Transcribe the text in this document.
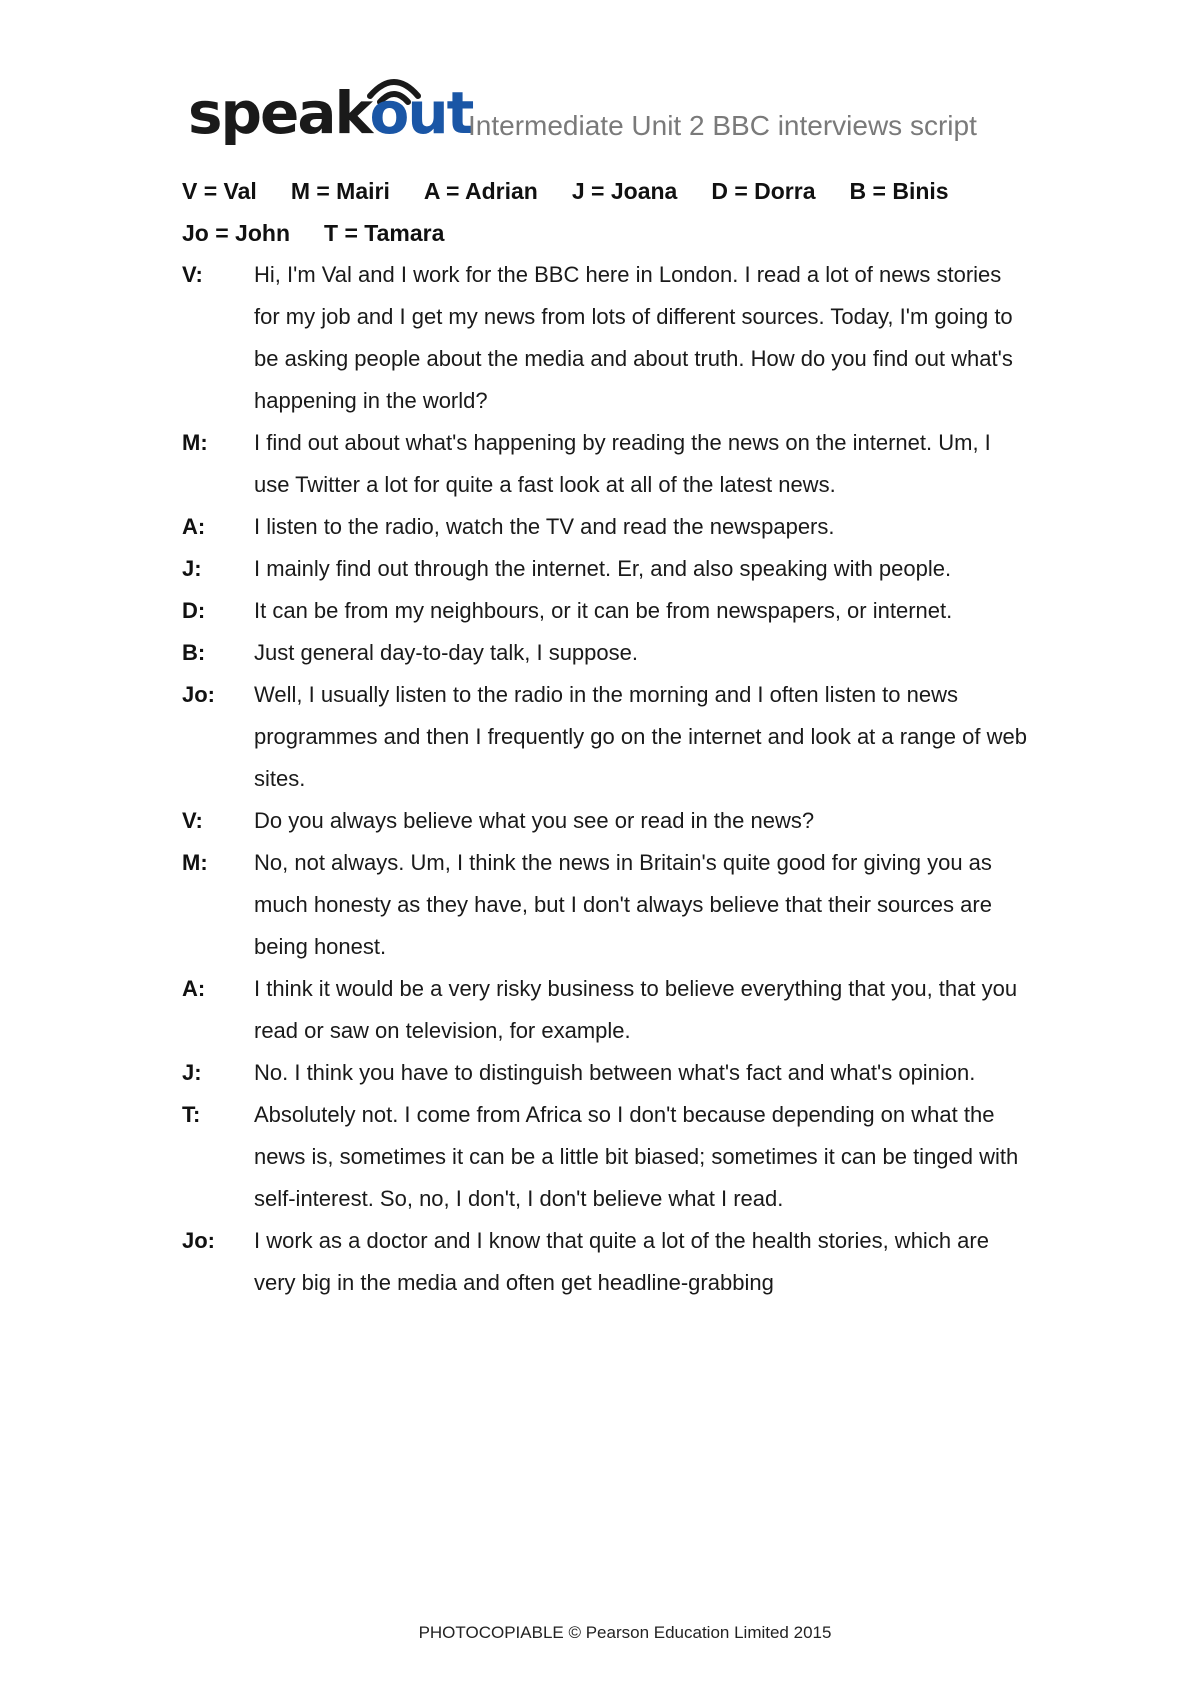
speakout
Intermediate Unit 2 BBC interviews script
V = Val M = Mairi A = Adrian J = Joana D = Dorra B = Binis
Jo = John T = Tamara
V:	Hi, I'm Val and I work for the BBC here in London. I read a lot of news stories for my job and I get my news from lots of different sources. Today, I'm going to be asking people about the media and about truth. How do you find out what's happening in the world?
M:	I find out about what's happening by reading the news on the internet. Um, I use Twitter a lot for quite a fast look at all of the latest news.
A:	I listen to the radio, watch the TV and read the newspapers.
J:	I mainly find out through the internet. Er, and also speaking with people.
D:	It can be from my neighbours, or it can be from newspapers, or internet.
B:	Just general day-to-day talk, I suppose.
Jo:	Well, I usually listen to the radio in the morning and I often listen to news programmes and then I frequently go on the internet and look at a range of web sites.
V:	Do you always believe what you see or read in the news?
M:	No, not always. Um, I think the news in Britain's quite good for giving you as much honesty as they have, but I don't always believe that their sources are being honest.
A:	I think it would be a very risky business to believe everything that you, that you read or saw on television, for example.
J:	No. I think you have to distinguish between what's fact and what's opinion.
T:	Absolutely not. I come from Africa so I don't because depending on what the news is, sometimes it can be a little bit biased; sometimes it can be tinged with self-interest. So, no, I don't, I don't believe what I read.
Jo:	I work as a doctor and I know that quite a lot of the health stories, which are very big in the media and often get headline-grabbing
PHOTOCOPIABLE © Pearson Education Limited 2015
